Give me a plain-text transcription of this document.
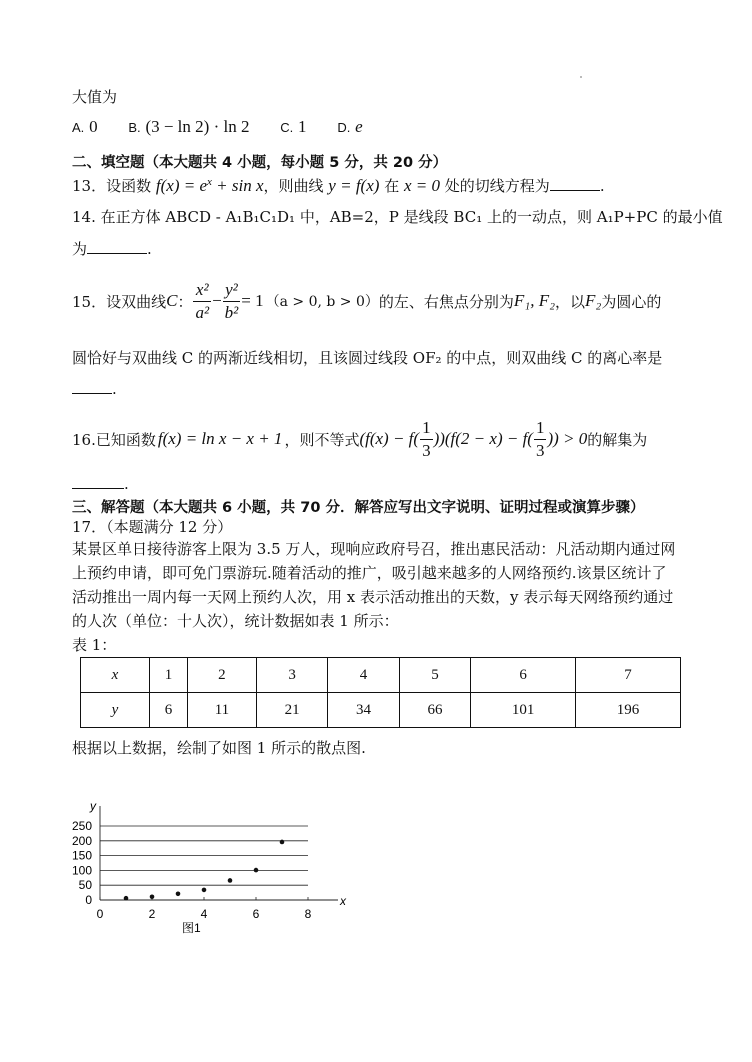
大值为
A. 0 B. (3 − ln 2) · ln 2 C. 1 D. e
二、填空题（本大题共 4 小题，每小题 5 分，共 20 分）
13．设函数 $f(x) = e^x + \sin x$，则曲线 y = f(x) 在 x = 0 处的切线方程为	.
14. 在正方体 ABCD - A₁B₁C₁D₁ 中，AB=2，P 是线段 BC₁ 上的一动点，则 A₁P+PC 的最小值
为	.
15．设双曲线 C ： $\frac{\text{x²}}{\text{a²}} - \frac{\text{y²}}{\text{b²}} = 1$ （a > 0, b > 0） 的左、右焦点分别为 F₁, F₂ ，以 F₂ 为圆心的
圆恰好与双曲线 C 的两渐近线相切，且该圆过线段 OF₂ 的中点，则双曲线 C 的离心率是
.
16.已知函数 f(x) = ln x − x + 1 ，则不等式 $(f(x) - f( \frac{1}{3} ))(f(2 - x) - f( \frac{1}{3}$ )) > 0 的解集为
.
三、解答题（本大题共 6 小题，共 70 分．解答应写出文字说明、证明过程或演算步骤）
17．（本题满分 12 分）
某景区单日接待游客上限为 3.5 万人，现响应政府号召，推出惠民活动：凡活动期内通过网
上预约申请，即可免门票游玩.随着活动的推广，吸引越来越多的人网络预约.该景区统计了
活动推出一周内每一天网上预约人次，用 x 表示活动推出的天数，y 表示每天网络预约通过
的人次（单位：十人次），统计数据如表 1 所示：
表 1：
x	1	2	3	4	5	6	7
y	6	11	21	34	66	101	196
根据以上数据，绘制了如图 1 所示的散点图.
0
50
100
150
200
250
0	2	4	6	8
y
x
图1
